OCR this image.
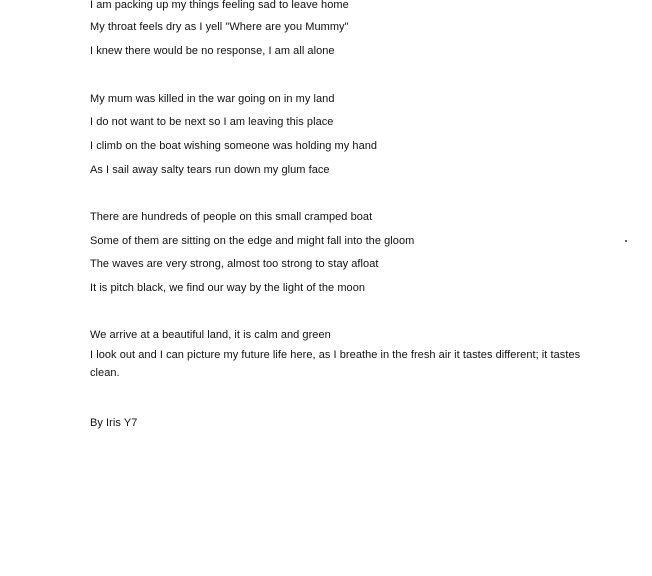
I am packing up my things feeling sad to leave home
My throat feels dry as I yell "Where are you Mummy"
I knew there would be no response, I am all alone
My mum was killed in the war going on in my land
I do not want to be next so I am leaving this place
I climb on the boat wishing someone was holding my hand
As I sail away salty tears run down my glum face
There are hundreds of people on this small cramped boat
Some of them are sitting on the edge and might fall into the gloom
The waves are very strong, almost too strong to stay afloat
It is pitch black, we find our way by the light of the moon
We arrive at a beautiful land, it is calm and green
I look out and I can picture my future life here, as I breathe in the fresh air it tastes different; it tastes clean.
By Iris Y7
